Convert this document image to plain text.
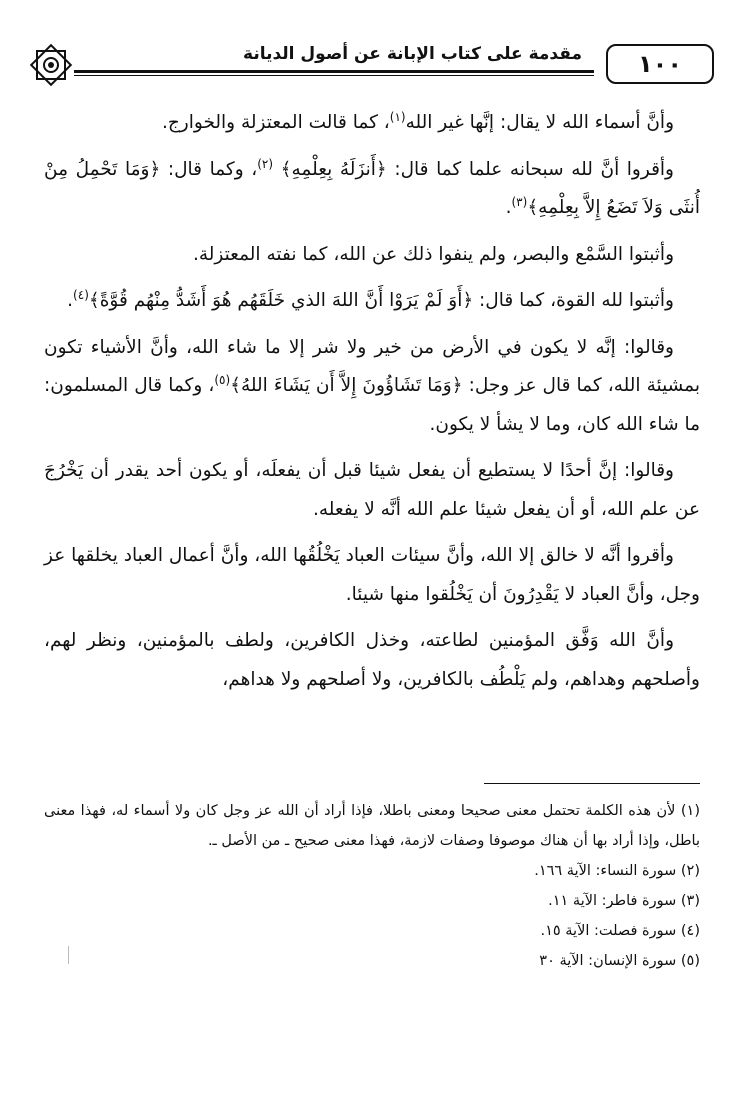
مقدمة على كتاب الإبانة عن أصول الديانة	١٠٠

وأنَّ أسماء الله لا يقال: إنَّها غير الله$^{(١)}$، كما قالت المعتزلة والخوارج.

وأقروا أنَّ لله سبحانه علما كما قال: ﴿أَنزَلَهُ بِعِلْمِهِ﴾ $^{(٢)}$، وكما قال: ﴿وَمَا تَحْمِلُ مِنْ أُنثَى وَلاَ تَضَعُ إِلاَّ بِعِلْمِهِ﴾$^{(٣)}$.

وأثبتوا السَّمْع والبصر، ولم ينفوا ذلك عن الله، كما نفته المعتزلة.

وأثبتوا لله القوة، كما قال: ﴿أَوَ لَمْ يَرَوْا أَنَّ اللهَ الذي خَلَقَهُم هُوَ أَشَدُّ مِنْهُم قُوَّةً﴾$^{(٤)}$.

وقالوا: إنَّه لا يكون في الأرض من خير ولا شر إلا ما شاء الله، وأنَّ الأشياء تكون بمشيئة الله، كما قال عز وجل: ﴿وَمَا تَشَاؤُونَ إِلاَّ أَن يَشَاءَ اللهُ﴾$^{(٥)}$، وكما قال المسلمون: ما شاء الله كان، وما لا يشأ لا يكون.

وقالوا: إنَّ أحدًا لا يستطيع أن يفعل شيئا قبل أن يفعلَه، أو يكون أحد يقدر أن يَخْرُجَ عن علم الله، أو أن يفعل شيئا علم الله أنَّه لا يفعله.

وأقروا أنَّه لا خالق إلا الله، وأنَّ سيئات العباد يَخْلُقُها الله، وأنَّ أعمال العباد يخلقها عز وجل، وأنَّ العباد لا يَقْدِرُونَ أن يَخْلُقوا منها شيئا.

وأنَّ الله وَفَّق المؤمنين لطاعته، وخذل الكافرين، ولطف بالمؤمنين، ونظر لهم، وأصلحهم وهداهم، ولم يَلْطُف بالكافرين، ولا أصلحهم ولا هداهم،

(١) لأن هذه الكلمة تحتمل معنى صحيحا ومعنى باطلا، فإذا أراد أن الله عز وجل كان ولا أسماء له، فهذا معنى باطل، وإذا أراد بها أن هناك موصوفا وصفات لازمة، فهذا معنى صحيح ـ من الأصل ـ.

(٢) سورة النساء: الآية ١٦٦.

(٣) سورة فاطر: الآية ١١.

(٤) سورة فصلت: الآية ١٥.

(٥) سورة الإنسان: الآية ٣٠
